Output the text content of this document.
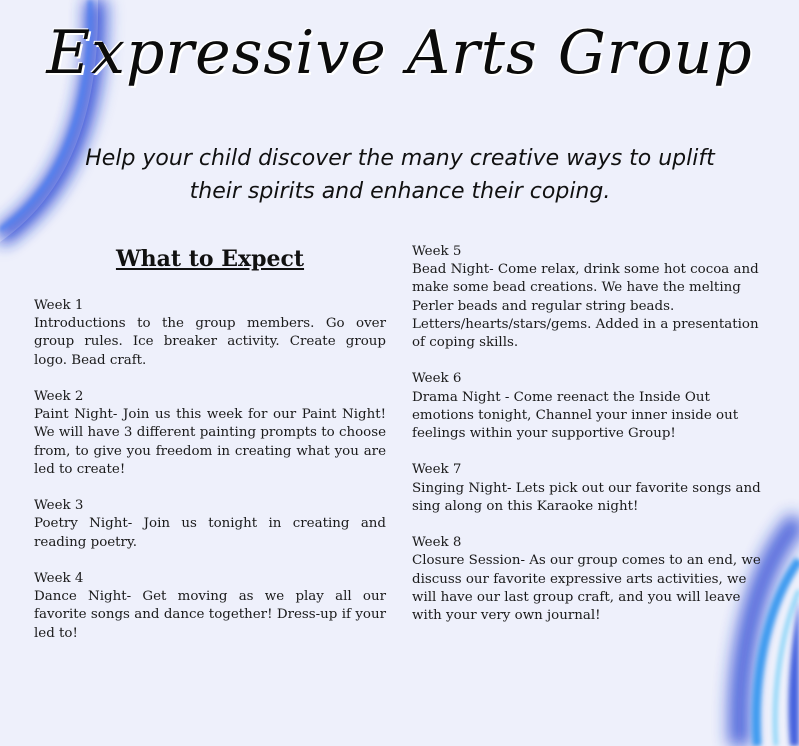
Expressive Arts Group
Help your child discover the many creative ways to uplift their spirits and enhance their coping.
What to Expect
Week 1
Introductions to the group members. Go over group rules. Ice breaker activity. Create group logo. Bead craft.
Week 2
Paint Night- Join us this week for our Paint Night! We will have 3 different painting prompts to choose from, to give you freedom in creating what you are led to create!
Week 3
Poetry Night- Join us tonight in creating and reading poetry.
Week 4
Dance Night- Get moving as we play all our favorite songs and dance together! Dress-up if your led to!
Week 5
Bead Night- Come relax, drink some hot cocoa and make some bead creations. We have the melting Perler beads and regular string beads. Letters/hearts/stars/gems. Added in a presentation of coping skills.
Week 6
Drama Night - Come reenact the Inside Out emotions tonight, Channel your inner inside out feelings within your supportive Group!
Week 7
Singing Night- Lets pick out our favorite songs and sing along on this Karaoke night!
Week 8
Closure Session- As our group comes to an end, we discuss our favorite expressive arts activities, we will have our last group craft, and you will leave with your very own journal!
